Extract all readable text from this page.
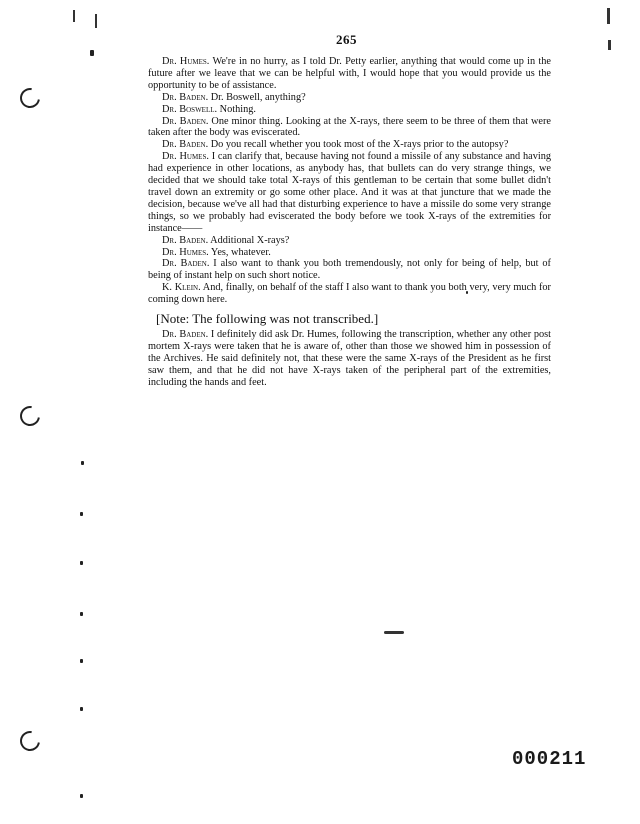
265

Dr. Humes. We're in no hurry, as I told Dr. Petty earlier, anything that would come up in the future after we leave that we can be helpful with, I would hope that you would provide us the opportunity to be of assistance.

Dr. Baden. Dr. Boswell, anything?

Dr. Boswell. Nothing.

Dr. Baden. One minor thing. Looking at the X-rays, there seem to be three of them that were taken after the body was eviscerated.

Dr. Baden. Do you recall whether you took most of the X-rays prior to the autopsy?

Dr. Humes. I can clarify that, because having not found a missile of any substance and having had experience in other locations, as anybody has, that bullets can do very strange things, we decided that we should take total X-rays of this gentleman to be certain that some bullet didn't travel down an extremity or go some other place. And it was at that juncture that we made the decision, because we've all had that disturbing experience to have a missile do some very strange things, so we probably had eviscerated the body before we took X-rays of the extremities for instance——

Dr. Baden. Additional X-rays?

Dr. Humes. Yes, whatever.

Dr. Baden. I also want to thank you both tremendously, not only for being of help, but of being of instant help on such short notice.

K. Klein. And, finally, on behalf of the staff I also want to thank you both very, very much for coming down here.

[Note: The following was not transcribed.]

Dr. Baden. I definitely did ask Dr. Humes, following the transcription, whether any other post mortem X-rays were taken that he is aware of, other than those we showed him in possession of the Archives. He said definitely not, that these were the same X-rays of the President as he first saw them, and that he did not have X-rays taken of the peripheral part of the extremities, including the hands and feet.

000211
